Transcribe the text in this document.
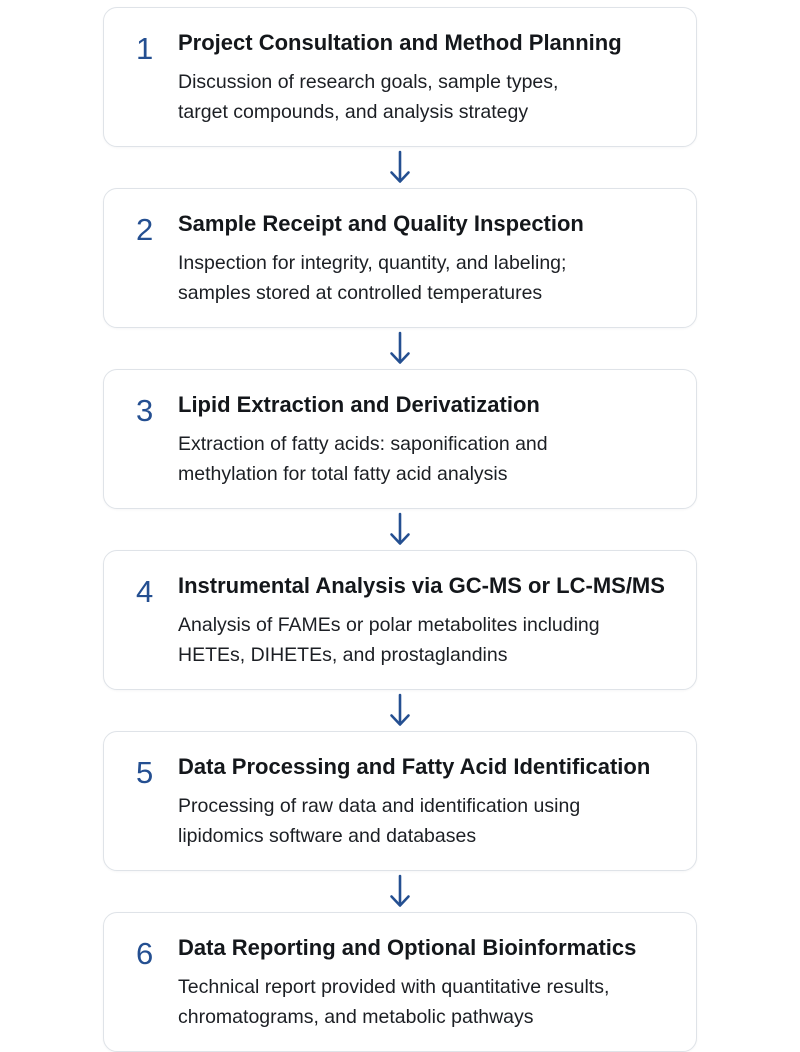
1 Project Consultation and Method Planning
Discussion of research goals, sample types,
target compounds, and analysis strategy
2 Sample Receipt and Quality Inspection
Inspection for integrity, quantity, and labeling;
samples stored at controlled temperatures
3 Lipid Extraction and Derivatization
Extraction of fatty acids: saponification and
methylation for total fatty acid analysis
4 Instrumental Analysis via GC-MS or LC-MS/MS
Analysis of FAMEs or polar metabolites including
HETEs, DIHETEs, and prostaglandins
5 Data Processing and Fatty Acid Identification
Processing of raw data and identification using
lipidomics software and databases
6 Data Reporting and Optional Bioinformatics
Technical report provided with quantitative results,
chromatograms, and metabolic pathways
